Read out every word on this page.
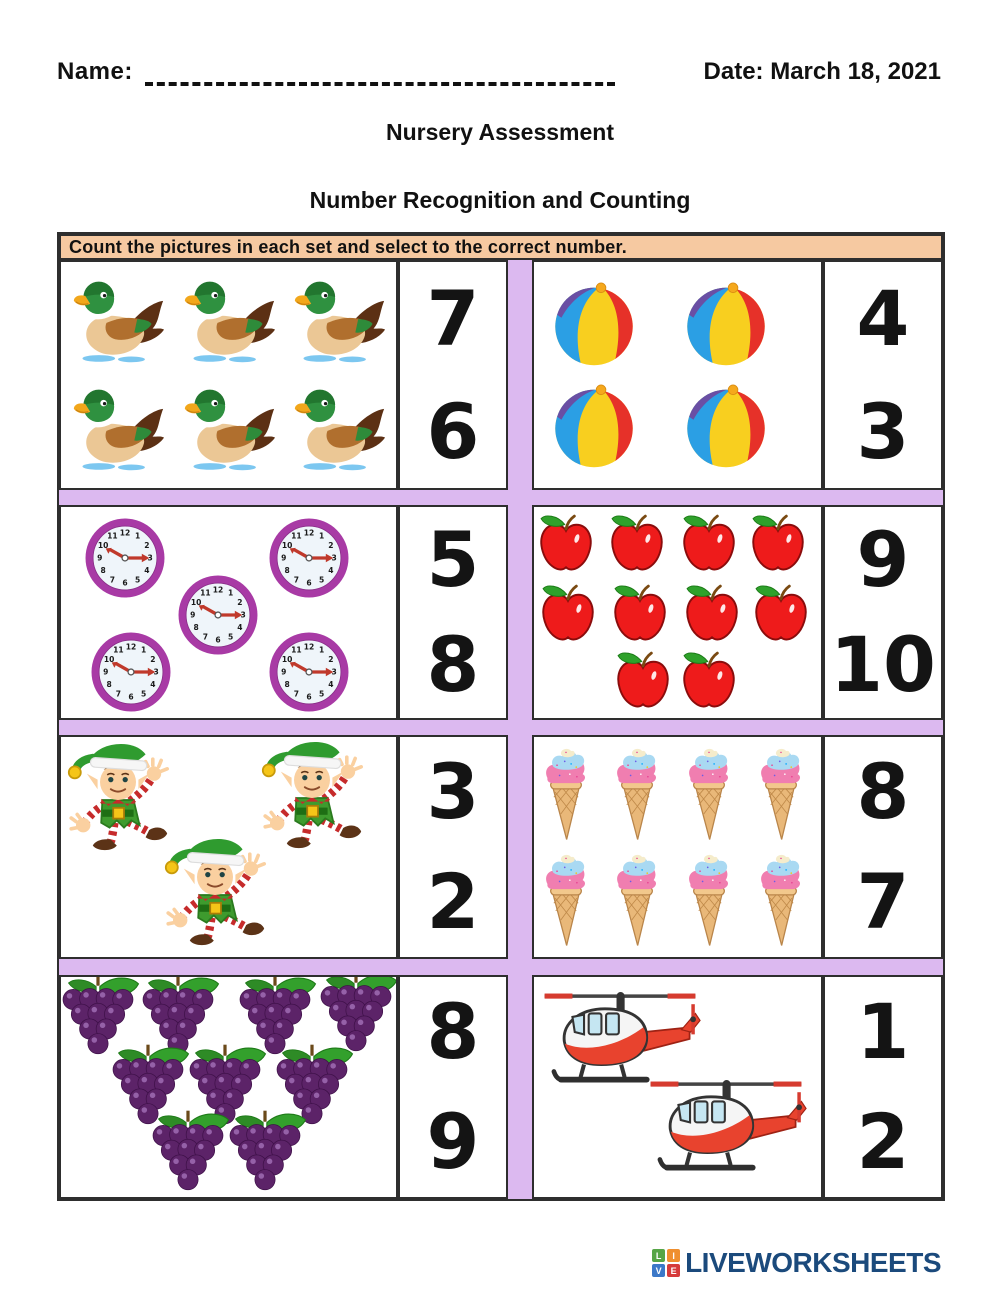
Name:	Date: March 18, 2021
Nursery Assessment
Number Recognition and Counting
Count the pictures in each set and select to the correct number.
7
6
4
3
5
8
9
10
3
2
8
7
8
9
1
2
L	I
V E LIVEWORKSHEETS
